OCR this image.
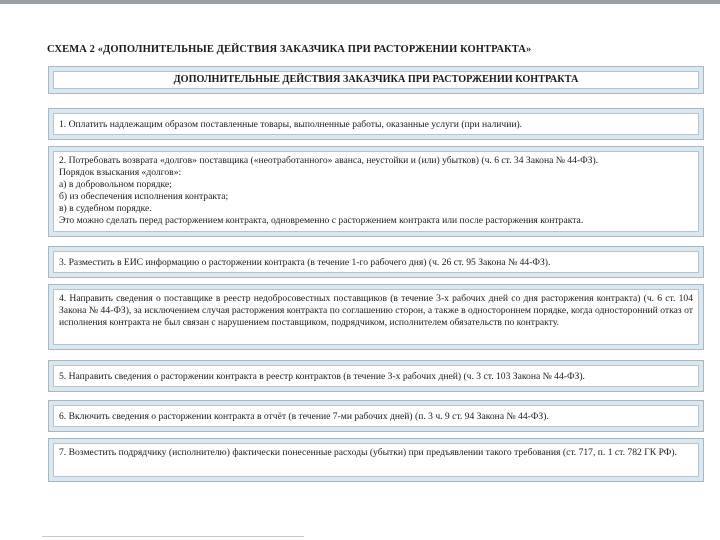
СХЕМА 2 «ДОПОЛНИТЕЛЬНЫЕ ДЕЙСТВИЯ ЗАКАЗЧИКА ПРИ РАСТОРЖЕНИИ КОНТРАКТА»
ДОПОЛНИТЕЛЬНЫЕ ДЕЙСТВИЯ ЗАКАЗЧИКА ПРИ РАСТОРЖЕНИИ КОНТРАКТА
1. Оплатить надлежащим образом поставленные товары, выполненные работы, оказанные услуги (при наличии).
2. Потребовать возврата «долгов» поставщика («неотработанного» аванса, неустойки и (или) убытков) (ч. 6 ст. 34 Закона № 44-ФЗ).
Порядок взыскания «долгов»:
а) в добровольном порядке;
б) из обеспечения исполнения контракта;
в) в судебном порядке.
Это можно сделать перед расторжением контракта, одновременно с расторжением контракта или после расторжения контракта.
3. Разместить в ЕИС информацию о расторжении контракта (в течение 1-го рабочего дня) (ч. 26 ст. 95 Закона № 44-ФЗ).
4. Направить сведения о поставщике в реестр недобросовестных поставщиков (в течение 3-х рабочих дней со дня расторжения контракта) (ч. 6 ст. 104 Закона № 44-ФЗ), за исключением случая расторжения контракта по соглашению сторон, а также в одностороннем порядке, когда односторонний отказ от исполнения контракта не был связан с нарушением поставщиком, подрядчиком, исполнителем обязательств по контракту.
5. Направить сведения о расторжении контракта в реестр контрактов (в течение 3-х рабочих дней) (ч. 3 ст. 103 Закона № 44-ФЗ).
6. Включить сведения о расторжении контракта в отчёт (в течение 7-ми рабочих дней) (п. 3 ч. 9 ст. 94 Закона № 44-ФЗ).
7. Возместить подрядчику (исполнителю) фактически понесенные расходы (убытки) при предъявлении такого требования (ст. 717, п. 1 ст. 782 ГК РФ).
